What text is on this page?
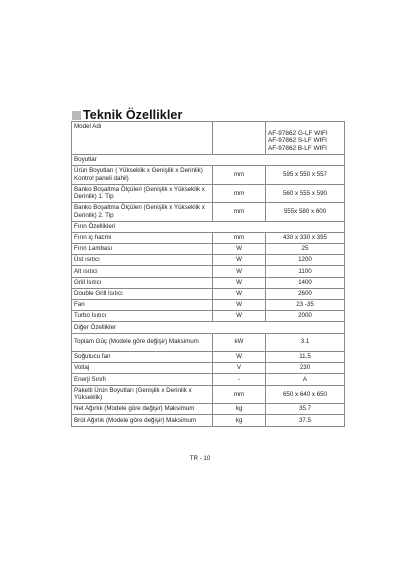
Teknik Özellikler
Model Adı		AF-97862 G-LF WIFI
AF-97862 S-LF WIFI
AF-97862 B-LF WIFI

Boyutlar		
Ürün Boyutları ( Yükseklik x Genişlik x Derinlik) Kontrol paneli dahil)	mm	595 x 550 x 557
Banko Boşaltma Ölçüleri (Genişlik x Yükseklik x Derinlik) 1. Tip	mm	560 x 555 x 590
Banko Boşaltma Ölçüleri (Genişlik x Yükseklik x Derinlik) 2. Tip	mm	555x 580 x 600
Fırın Özellikleri		
Fırın iç hacmi	mm	430 x 330 x 395
Fırın Lambası	W	25
Üst ısıtıcı	W	1200
Alt ısıtıcı	W	1100
Grill Isıtıcı	W	1400
Double Grill Isıtıcı	W	2600
Fan	W	23 -35
Turbo Isıtıcı	W	2000
Diğer Özellikler		
Toplam Güç (Modele göre değişir) Maksimum	kW	3.1
Soğutucu fan	W	11,5
Voltaj	V	230
Enerji Sınıfı	-	A
Paketli Ürün Boyutları (Genişlik x Derinlik x Yükseklik)	mm	650 x 640 x 650
Net Ağırlık (Modele göre değişir) Maksimum	kg	35.7
Brüt Ağırlık (Modele göre değişir) Maksimum	kg	37.5
TR - 10
